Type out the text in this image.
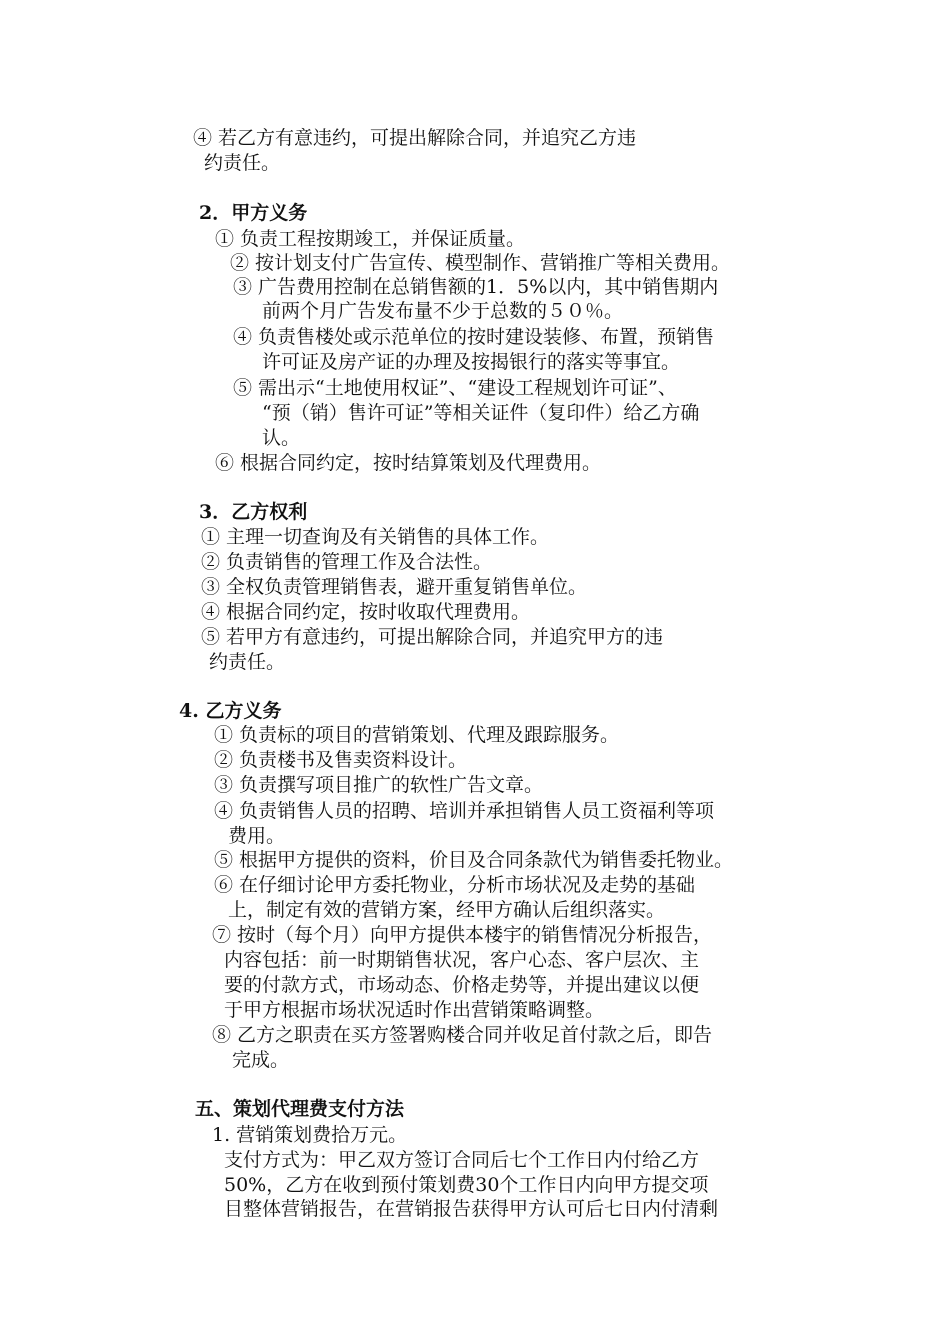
④ 若乙方有意违约，可提出解除合同，并追究乙方违

约责任。

2．甲方义务

① 负责工程按期竣工，并保证质量。

② 按计划支付广告宣传、模型制作、营销推广等相关费用。

③ 广告费用控制在总销售额的1．5%以内，其中销售期内

前两个月广告发布量不少于总数的５０％。

④ 负责售楼处或示范单位的按时建设装修、布置，预销售

许可证及房产证的办理及按揭银行的落实等事宜。

⑤ 需出示“土地使用权证”、“建设工程规划许可证”、

“预（销）售许可证”等相关证件（复印件）给乙方确

认。

⑥ 根据合同约定，按时结算策划及代理费用。

3．乙方权利

① 主理一切查询及有关销售的具体工作。

② 负责销售的管理工作及合法性。

③ 全权负责管理销售表，避开重复销售单位。

④ 根据合同约定，按时收取代理费用。

⑤ 若甲方有意违约，可提出解除合同，并追究甲方的违

约责任。

4. 乙方义务

① 负责标的项目的营销策划、代理及跟踪服务。

② 负责楼书及售卖资料设计。

③ 负责撰写项目推广的软性广告文章。

④ 负责销售人员的招聘、培训并承担销售人员工资福利等项

费用。

⑤ 根据甲方提供的资料，价目及合同条款代为销售委托物业。

⑥ 在仔细讨论甲方委托物业，分析市场状况及走势的基础

上，制定有效的营销方案，经甲方确认后组织落实。

⑦ 按时（每个月）向甲方提供本楼宇的销售情况分析报告，

内容包括：前一时期销售状况，客户心态、客户层次、主

要的付款方式，市场动态、价格走势等，并提出建议以便

于甲方根据市场状况适时作出营销策略调整。

⑧ 乙方之职责在买方签署购楼合同并收足首付款之后，即告

完成。

五、策划代理费支付方法

1. 营销策划费拾万元。

支付方式为：甲乙双方签订合同后七个工作日内付给乙方

50%，乙方在收到预付策划费30个工作日内向甲方提交项

目整体营销报告，在营销报告获得甲方认可后七日内付清剩
